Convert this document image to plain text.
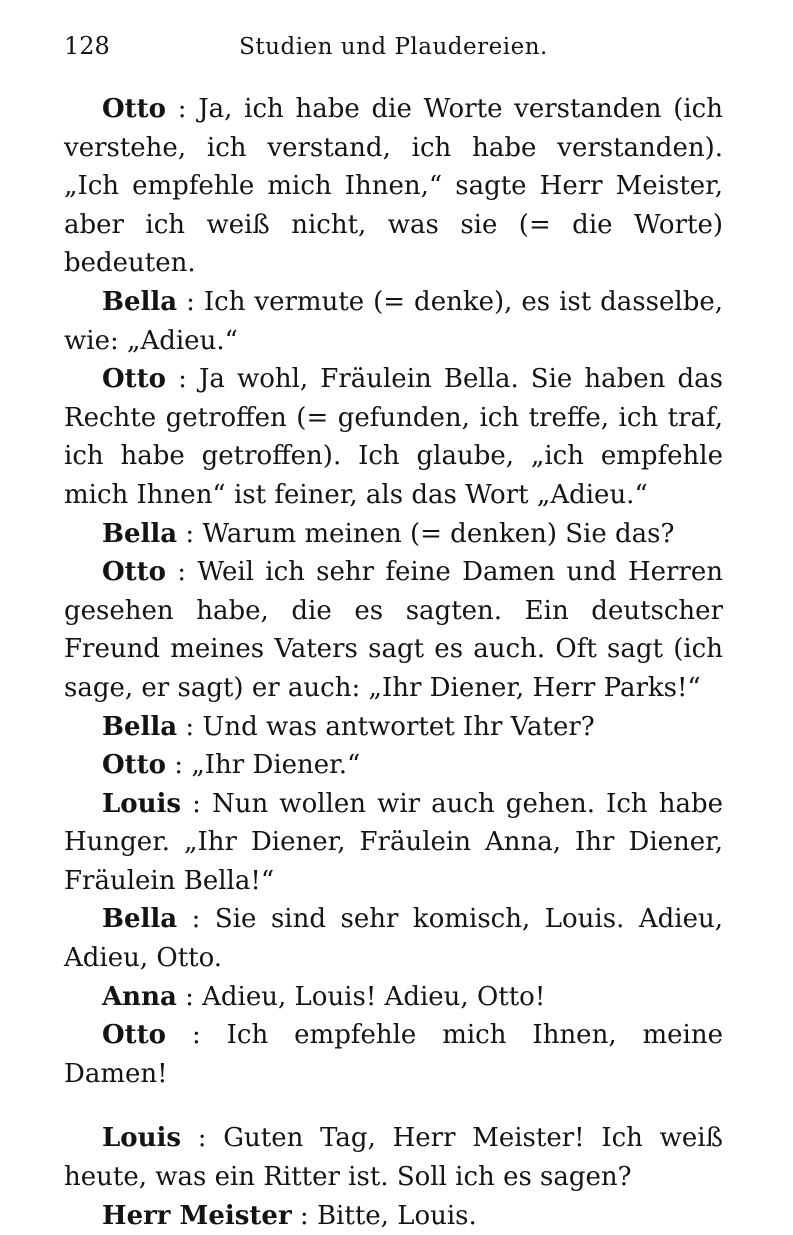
128	Studien und Plaudereien.

Otto : Ja, ich habe die Worte verstanden (ich verstehe, ich verstand, ich habe verstanden). „Ich empfehle mich Ihnen,“ sagte Herr Meister, aber ich weiß nicht, was sie (= die Worte) bedeuten.

Bella : Ich vermute (= denke), es ist dasselbe, wie: „Adieu.“

Otto : Ja wohl, Fräulein Bella. Sie haben das Rechte getroffen (= gefunden, ich treffe, ich traf, ich habe getroffen). Ich glaube, „ich empfehle mich Ihnen“ ist feiner, als das Wort „Adieu.“

Bella : Warum meinen (= denken) Sie das?

Otto : Weil ich sehr feine Damen und Herren gesehen habe, die es sagten. Ein deutscher Freund meines Vaters sagt es auch. Oft sagt (ich sage, er sagt) er auch: „Ihr Diener, Herr Parks!“

Bella : Und was antwortet Ihr Vater?

Otto : „Ihr Diener.“

Louis : Nun wollen wir auch gehen. Ich habe Hunger. „Ihr Diener, Fräulein Anna, Ihr Diener, Fräulein Bella!“

Bella : Sie sind sehr komisch, Louis. Adieu, Adieu, Otto.

Anna : Adieu, Louis! Adieu, Otto!

Otto : Ich empfehle mich Ihnen, meine Damen!

Louis : Guten Tag, Herr Meister! Ich weiß heute, was ein Ritter ist. Soll ich es sagen?

Herr Meister : Bitte, Louis.
